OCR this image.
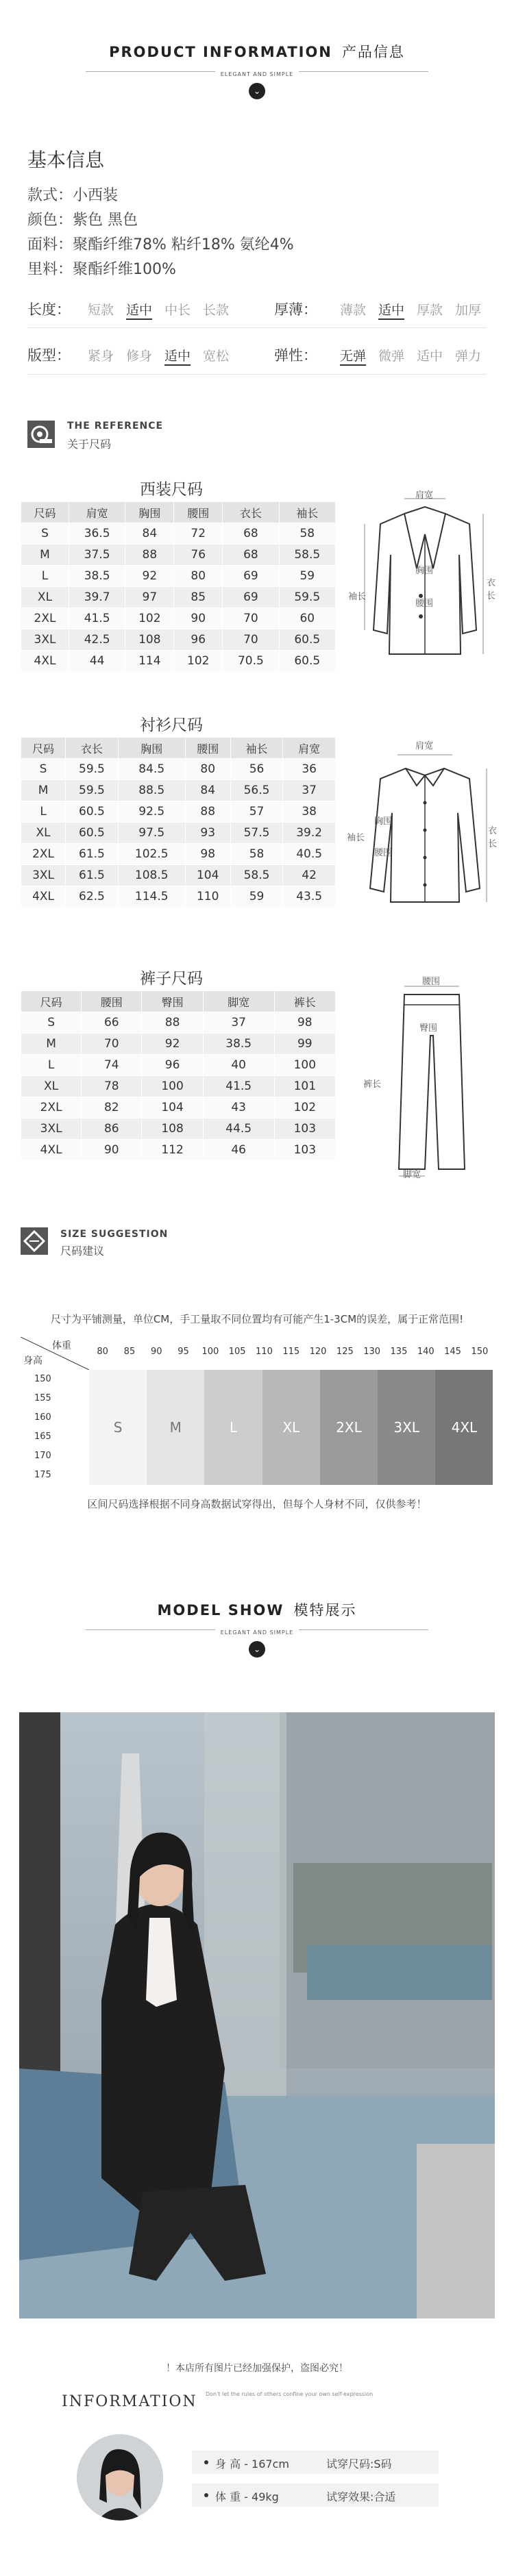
PRODUCT INFORMATION 产品信息
ELEGANT AND SIMPLE
⌄
基本信息
款式：小西装
颜色：紫色 黑色
面料：聚酯纤维78% 粘纤18% 氨纶4%
里料：聚酯纤维100%
长度： 短款 适中 中长 长款	厚薄： 薄款 适中 厚款 加厚
版型： 紧身 修身 适中 宽松	弹性： 无弹 微弹 适中 弹力
THE REFERENCE
关于尺码
西装尺码
尺码	肩宽	胸围	腰围	衣长	袖长
S	36.5	84	72	68	58
M	37.5	88	76	68	58.5
L	38.5	92	80	69	59
XL	39.7	97	85	69	59.5
2XL	41.5	102	90	70	60
3XL	42.5	108	96	70	60.5
4XL	44	114	102	70.5	60.5
肩宽
胸围
腰围
袖长
衣长
衬衫尺码
尺码	衣长	胸围	腰围	袖长	肩宽
S	59.5	84.5	80	56	36
M	59.5	88.5	84	56.5	37
L	60.5	92.5	88	57	38
XL	60.5	97.5	93	57.5	39.2
2XL	61.5	102.5	98	58	40.5
3XL	61.5	108.5	104	58.5	42
4XL	62.5	114.5	110	59	43.5
肩宽
胸围
腰围
袖长
衣长
裤子尺码
尺码	腰围	臀围	脚宽	裤长
S	66	88	37	98
M	70	92	38.5	99
L	74	96	40	100
XL	78	100	41.5	101
2XL	82	104	43	102
3XL	86	108	44.5	103
4XL	90	112	46	103
腰围
臀围
裤长
脚宽
SIZE SUGGESTION
尺码建议
尺寸为平铺测量，单位CM，手工量取不同位置均有可能产生1-3CM的误差，属于正常范围!
体重
身高
80	85	90	95	100	105	110	115	120	125	130	135	140	145	150
150
155
160
165
170
175
S	M	L	XL	2XL	3XL	4XL
区间尺码选择根据不同身高数据试穿得出，但每个人身材不同，仅供参考！
MODEL SHOW 模特展示
ELEGANT AND SIMPLE
⌄
！本店所有图片已经加强保护，盗图必究！
INFORMATION Don't let the rules of others confine your own self-expression
身 高 - 167cm	试穿尺码:S码
体 重 - 49kg	试穿效果:合适
